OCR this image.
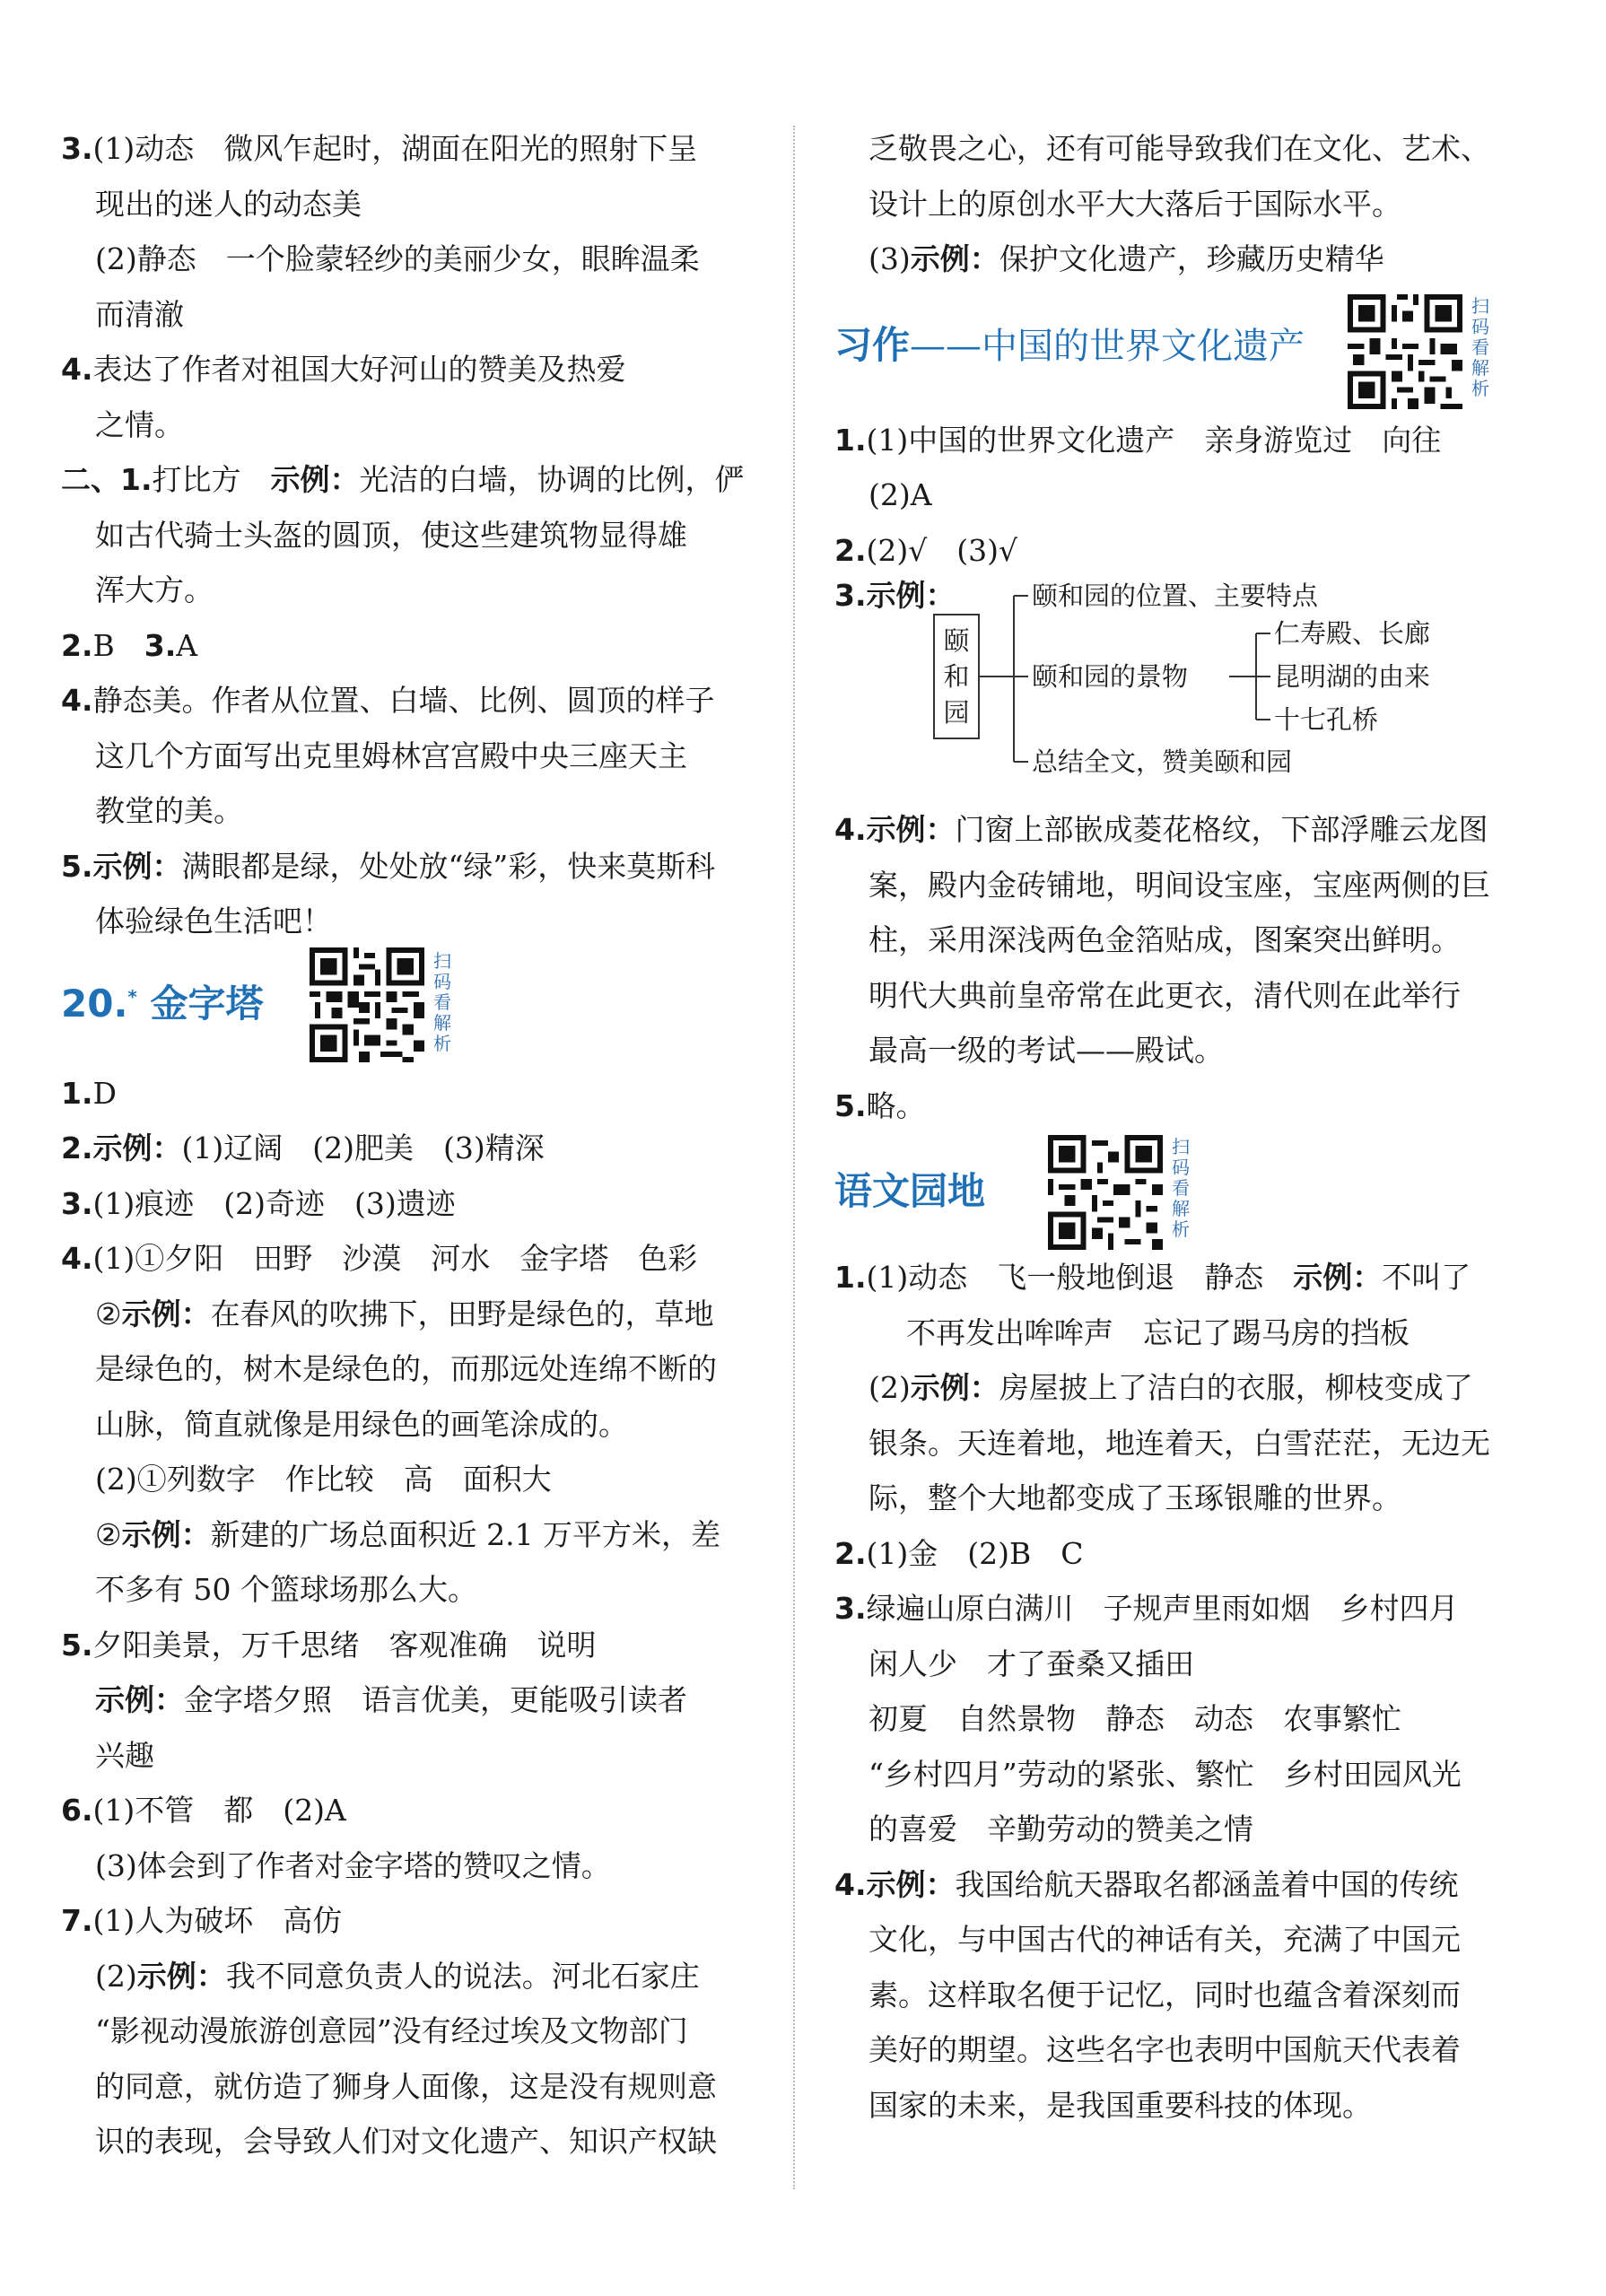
3.(1)动态　微风乍起时，湖面在阳光的照射下呈
现出的迷人的动态美
(2)静态　一个脸蒙轻纱的美丽少女，眼眸温柔
而清澈
4.表达了作者对祖国大好河山的赞美及热爱
之情。
二、1.打比方　示例：光洁的白墙，协调的比例，俨
如古代骑士头盔的圆顶，使这些建筑物显得雄
浑大方。
2.B　3.A
4.静态美。作者从位置、白墙、比例、圆顶的样子
这几个方面写出克里姆林宫宫殿中央三座天主
教堂的美。
5.示例：满眼都是绿，处处放“绿”彩，快来莫斯科
体验绿色生活吧！
20.* 金字塔
扫码看解析
1.D
2.示例：(1)辽阔　(2)肥美　(3)精深
3.(1)痕迹　(2)奇迹　(3)遗迹
4.(1)①夕阳　田野　沙漠　河水　金字塔　色彩
②示例：在春风的吹拂下，田野是绿色的，草地
是绿色的，树木是绿色的，而那远处连绵不断的
山脉，简直就像是用绿色的画笔涂成的。
(2)①列数字　作比较　高　面积大
②示例：新建的广场总面积近 2.1 万平方米，差
不多有 50 个篮球场那么大。
5.夕阳美景，万千思绪　客观准确　说明
示例：金字塔夕照　语言优美，更能吸引读者
兴趣
6.(1)不管　都　(2)A
(3)体会到了作者对金字塔的赞叹之情。
7.(1)人为破坏　高仿
(2)示例：我不同意负责人的说法。河北石家庄
“影视动漫旅游创意园”没有经过埃及文物部门
的同意，就仿造了狮身人面像，这是没有规则意
识的表现，会导致人们对文化遗产、知识产权缺
乏敬畏之心，还有可能导致我们在文化、艺术、
设计上的原创水平大大落后于国际水平。
(3)示例：保护文化遗产，珍藏历史精华
习作——中国的世界文化遗产
扫码看解析
1.(1)中国的世界文化遗产　亲身游览过　向往
(2)A
2.(2)√　(3)√
3.示例：
颐和园
颐和园的位置、主要特点
颐和园的景物
仁寿殿、长廊
昆明湖的由来
十七孔桥
总结全文，赞美颐和园
4.示例：门窗上部嵌成菱花格纹，下部浮雕云龙图
案，殿内金砖铺地，明间设宝座，宝座两侧的巨
柱，采用深浅两色金箔贴成，图案突出鲜明。
明代大典前皇帝常在此更衣，清代则在此举行
最高一级的考试——殿试。
5.略。
语文园地
扫码看解析
1.(1)动态　飞一般地倒退　静态　示例：不叫了
不再发出哞哞声　忘记了踢马房的挡板
(2)示例：房屋披上了洁白的衣服，柳枝变成了
银条。天连着地，地连着天，白雪茫茫，无边无
际，整个大地都变成了玉琢银雕的世界。
2.(1)金　(2)B　C
3.绿遍山原白满川　子规声里雨如烟　乡村四月
闲人少　才了蚕桑又插田
初夏　自然景物　静态　动态　农事繁忙
“乡村四月”劳动的紧张、繁忙　乡村田园风光
的喜爱　辛勤劳动的赞美之情
4.示例：我国给航天器取名都涵盖着中国的传统
文化，与中国古代的神话有关，充满了中国元
素。这样取名便于记忆，同时也蕴含着深刻而
美好的期望。这些名字也表明中国航天代表着
国家的未来，是我国重要科技的体现。
